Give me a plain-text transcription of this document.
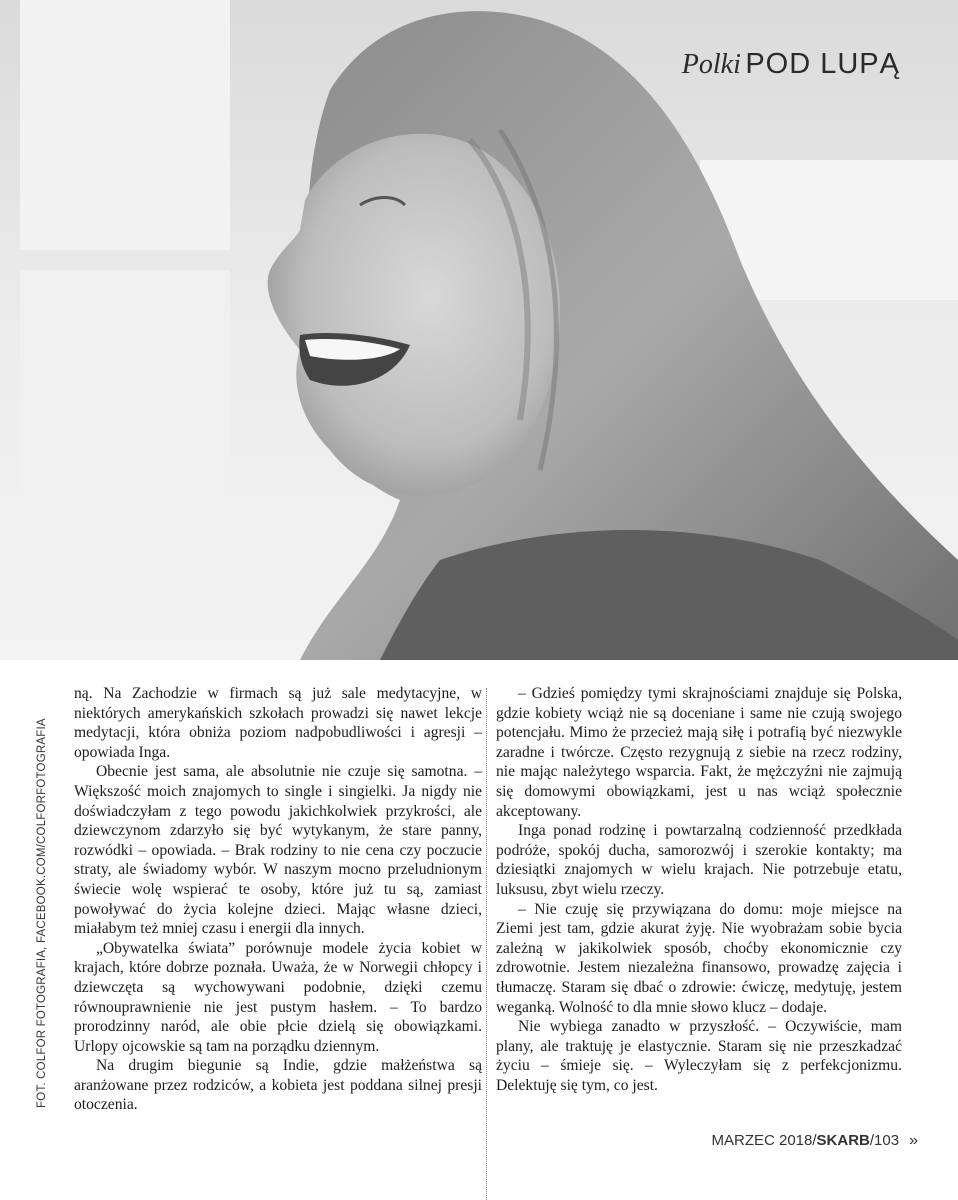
Polki POD LUPĄ
FOT. COLFOR FOTOGRAFIA, FACEBOOK.COM/COLFORFOTOGRAFIA

ną. Na Zachodzie w firmach są już sale medytacyjne, w niektórych amerykańskich szkołach prowadzi się nawet lekcje medytacji, która obniża poziom nadpobudliwości i agresji – opowiada Inga.

Obecnie jest sama, ale absolutnie nie czuje się samotna. – Większość moich znajomych to single i singielki. Ja nigdy nie doświadczyłam z tego powodu jakichkolwiek przykrości, ale dziewczynom zdarzyło się być wytykanym, że stare panny, rozwódki – opowiada. – Brak rodziny to nie cena czy poczucie straty, ale świadomy wybór. W naszym mocno przeludnionym świecie wolę wspierać te osoby, które już tu są, zamiast powoływać do życia kolejne dzieci. Mając własne dzieci, miałabym też mniej czasu i energii dla innych.

„Obywatelka świata” porównuje modele życia kobiet w krajach, które dobrze poznała. Uważa, że w Norwegii chłopcy i dziewczęta są wychowywani podobnie, dzięki czemu równouprawnienie nie jest pustym hasłem. – To bardzo prorodzinny naród, ale obie płcie dzielą się obowiązkami. Urlopy ojcowskie są tam na porządku dziennym.

Na drugim biegunie są Indie, gdzie małżeństwa są aranżowane przez rodziców, a kobieta jest poddana silnej presji otoczenia.

– Gdzieś pomiędzy tymi skrajnościami znajduje się Polska, gdzie kobiety wciąż nie są doceniane i same nie czują swojego potencjału. Mimo że przecież mają siłę i potrafią być niezwykle zaradne i twórcze. Często rezygnują z siebie na rzecz rodziny, nie mając należytego wsparcia. Fakt, że mężczyźni nie zajmują się domowymi obowiązkami, jest u nas wciąż społecznie akceptowany.

Inga ponad rodzinę i powtarzalną codzienność przedkłada podróże, spokój ducha, samorozwój i szerokie kontakty; ma dziesiątki znajomych w wielu krajach. Nie potrzebuje etatu, luksusu, zbyt wielu rzeczy.

– Nie czuję się przywiązana do domu: moje miejsce na Ziemi jest tam, gdzie akurat żyję. Nie wyobrażam sobie bycia zależną w jakikolwiek sposób, choćby ekonomicznie czy zdrowotnie. Jestem niezależna finansowo, prowadzę zajęcia i tłumaczę. Staram się dbać o zdrowie: ćwiczę, medytuję, jestem weganką. Wolność to dla mnie słowo klucz – dodaje.

Nie wybiega zanadto w przyszłość. – Oczywiście, mam plany, ale traktuję je elastycznie. Staram się nie przeszkadzać życiu – śmieje się. – Wyleczyłam się z perfekcjonizmu. Delektuję się tym, co jest.

MARZEC 2018/SKARB/103 »
